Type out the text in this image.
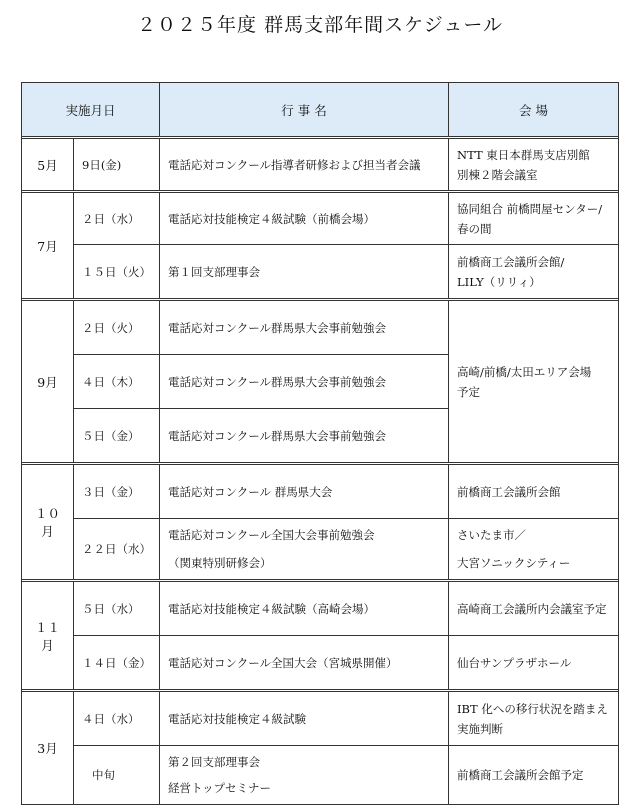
２０２５年度 群馬支部年間スケジュール
実施月日		行 事 名	会 場

5月	9日(金)	電話応対コンクール指導者研修および担当者会議	NTT 東日本群馬支店別館
別棟２階会議室

7月	２日（水）	電話応対技能検定４級試験（前橋会場）	協同組合 前橋問屋センター/
春の間

	１５日（火）	第１回支部理事会	前橋商工会議所会館/
LILY（リリィ）

9月	２日（火）	電話応対コンクール群馬県大会事前勉強会	高崎/前橋/太田エリア会場
予定

	４日（木）	電話応対コンクール群馬県大会事前勉強会	

	５日（金）	電話応対コンクール群馬県大会事前勉強会	

１０月	３日（金）	電話応対コンクール 群馬県大会	前橋商工会議所会館

	２２日（水）	電話応対コンクール全国大会事前勉強会
（関東特別研修会）	さいたま市／
大宮ソニックシティー

１１月	５日（水）	電話応対技能検定４級試験（高崎会場）	高崎商工会議所内会議室予定

	１４日（金）	電話応対コンクール全国大会（宮城県開催）	仙台サンプラザホール

3月	４日（水）	電話応対技能検定４級試験	IBT 化への移行状況を踏まえ
実施判断

	中旬	第２回支部理事会
経営トップセミナー	前橋商工会議所会館予定
